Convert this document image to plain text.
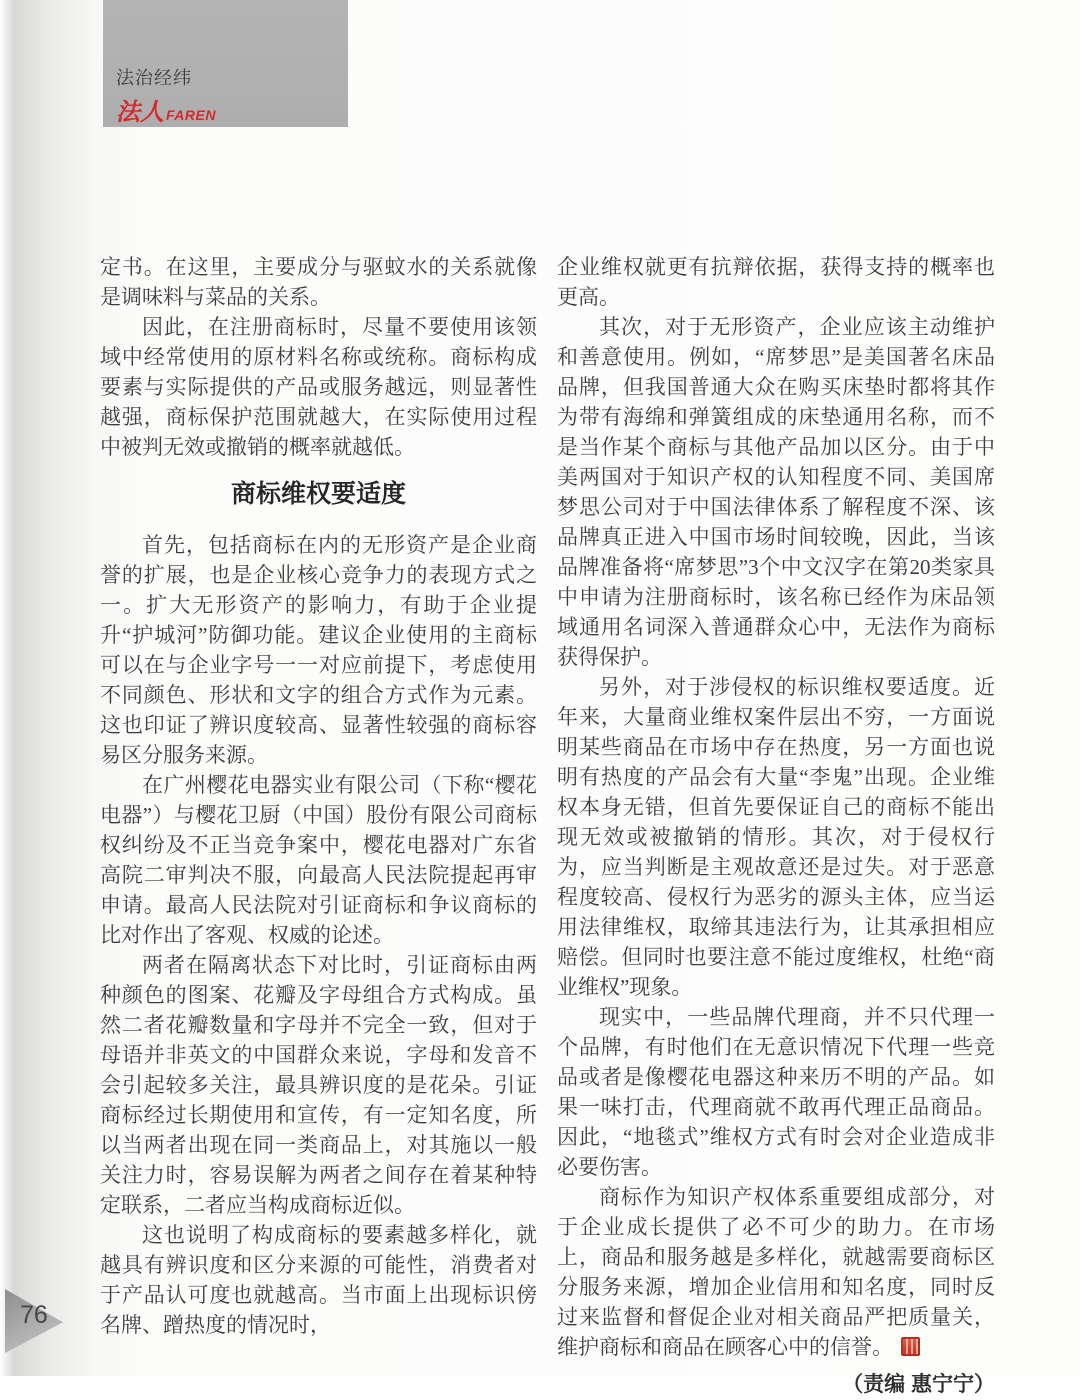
法治经纬
法人 FAREN

定书。在这里，主要成分与驱蚊水的关系就像是调味料与菜品的关系。

因此，在注册商标时，尽量不要使用该领域中经常使用的原材料名称或统称。商标构成要素与实际提供的产品或服务越远，则显著性越强，商标保护范围就越大，在实际使用过程中被判无效或撤销的概率就越低。

商标维权要适度

首先，包括商标在内的无形资产是企业商誉的扩展，也是企业核心竞争力的表现方式之一。扩大无形资产的影响力，有助于企业提升“护城河”防御功能。建议企业使用的主商标可以在与企业字号一一对应前提下，考虑使用不同颜色、形状和文字的组合方式作为元素。这也印证了辨识度较高、显著性较强的商标容易区分服务来源。

在广州樱花电器实业有限公司（下称“樱花电器”）与樱花卫厨（中国）股份有限公司商标权纠纷及不正当竞争案中，樱花电器对广东省高院二审判决不服，向最高人民法院提起再审申请。最高人民法院对引证商标和争议商标的比对作出了客观、权威的论述。

两者在隔离状态下对比时，引证商标由两种颜色的图案、花瓣及字母组合方式构成。虽然二者花瓣数量和字母并不完全一致，但对于母语并非英文的中国群众来说，字母和发音不会引起较多关注，最具辨识度的是花朵。引证商标经过长期使用和宣传，有一定知名度，所以当两者出现在同一类商品上，对其施以一般关注力时，容易误解为两者之间存在着某种特定联系，二者应当构成商标近似。

这也说明了构成商标的要素越多样化，就越具有辨识度和区分来源的可能性，消费者对于产品认可度也就越高。当市面上出现标识傍名牌、蹭热度的情况时，

企业维权就更有抗辩依据，获得支持的概率也更高。

其次，对于无形资产，企业应该主动维护和善意使用。例如，“席梦思”是美国著名床品品牌，但我国普通大众在购买床垫时都将其作为带有海绵和弹簧组成的床垫通用名称，而不是当作某个商标与其他产品加以区分。由于中美两国对于知识产权的认知程度不同、美国席梦思公司对于中国法律体系了解程度不深、该品牌真正进入中国市场时间较晚，因此，当该品牌准备将“席梦思”3个中文汉字在第20类家具中申请为注册商标时，该名称已经作为床品领域通用名词深入普通群众心中，无法作为商标获得保护。

另外，对于涉侵权的标识维权要适度。近年来，大量商业维权案件层出不穷，一方面说明某些商品在市场中存在热度，另一方面也说明有热度的产品会有大量“李鬼”出现。企业维权本身无错，但首先要保证自己的商标不能出现无效或被撤销的情形。其次，对于侵权行为，应当判断是主观故意还是过失。对于恶意程度较高、侵权行为恶劣的源头主体，应当运用法律维权，取缔其违法行为，让其承担相应赔偿。但同时也要注意不能过度维权，杜绝“商业维权”现象。

现实中，一些品牌代理商，并不只代理一个品牌，有时他们在无意识情况下代理一些竞品或者是像樱花电器这种来历不明的产品。如果一味打击，代理商就不敢再代理正品商品。因此，“地毯式”维权方式有时会对企业造成非必要伤害。

商标作为知识产权体系重要组成部分，对于企业成长提供了必不可少的助力。在市场上，商品和服务越是多样化，就越需要商标区分服务来源，增加企业信用和知名度，同时反过来监督和督促企业对相关商品严把质量关，维护商标和商品在顾客心中的信誉。

（责编 惠宁宁）

76
